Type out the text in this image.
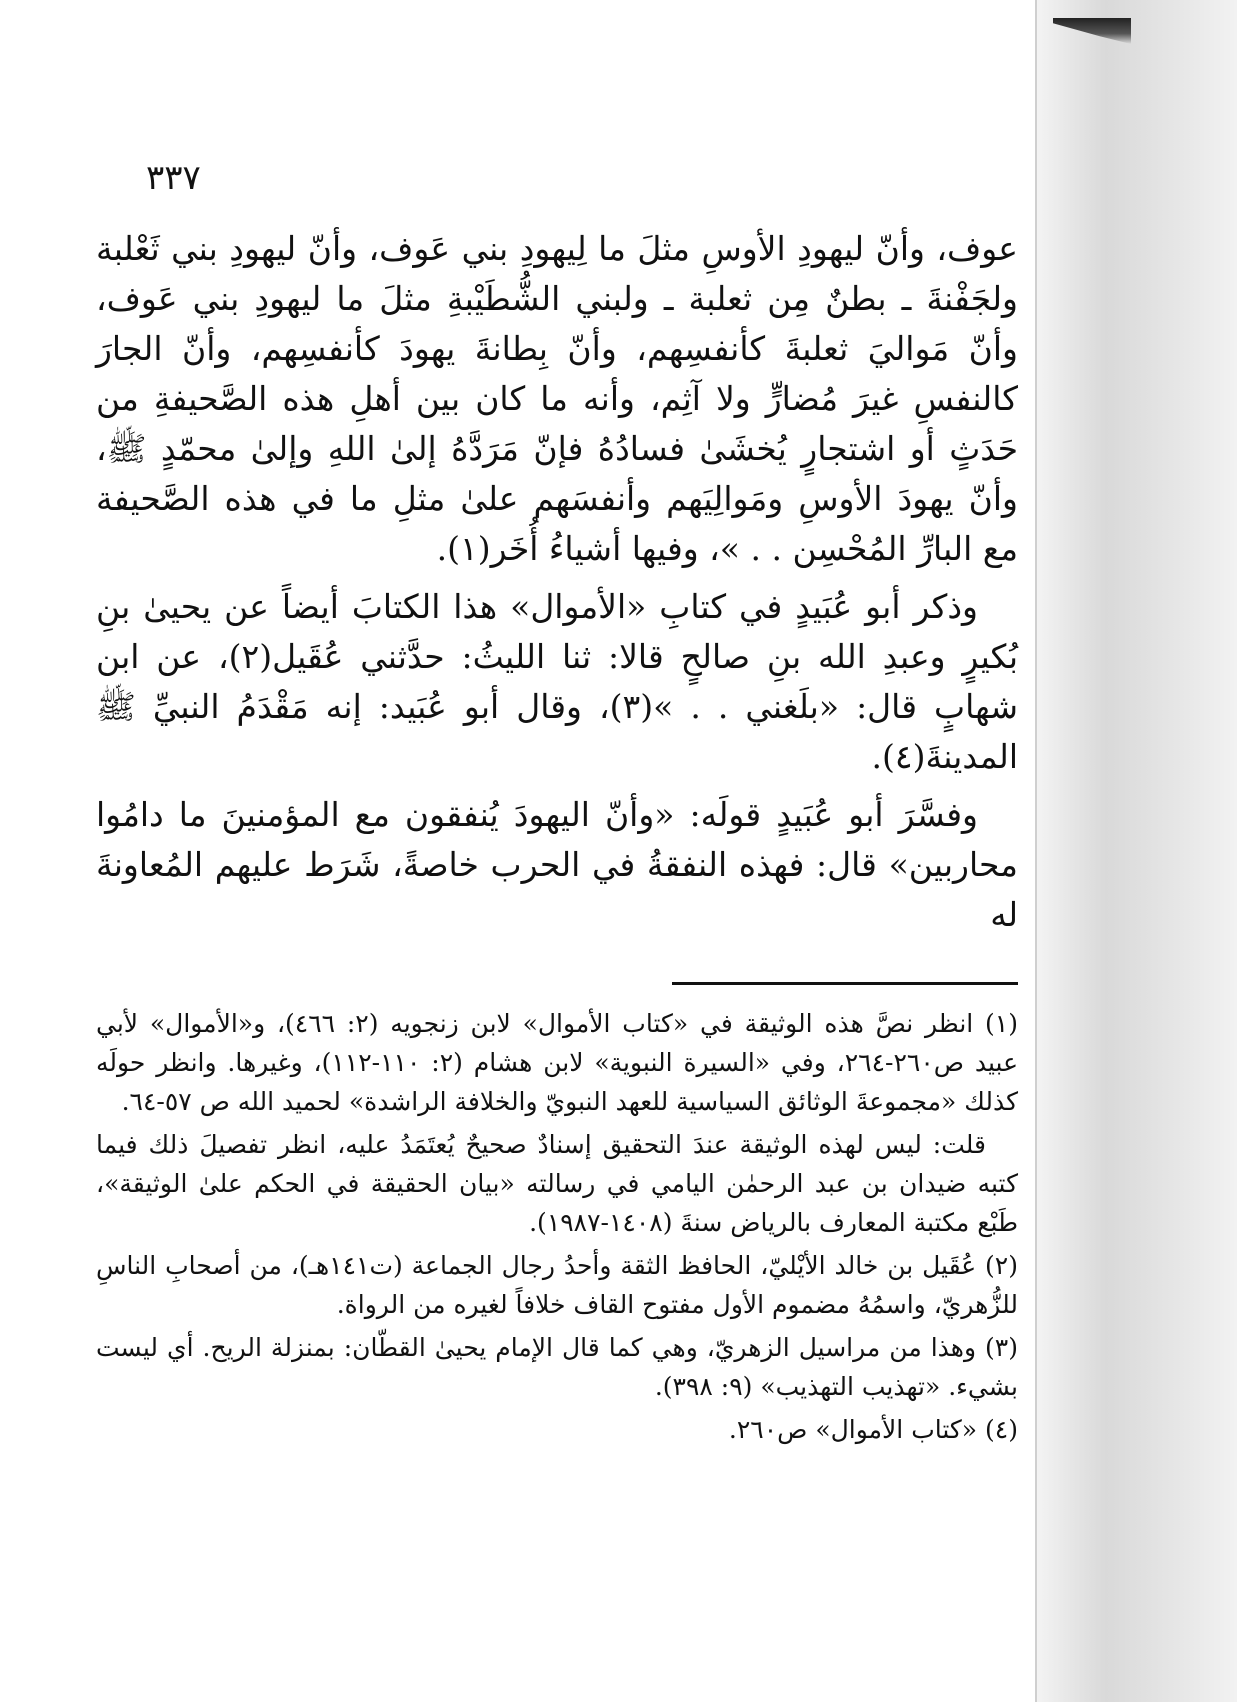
٣٣٧

عوف، وأنّ ليهودِ الأوسِ مثلَ ما لِيهودِ بني عَوف، وأنّ ليهودِ بني ثَعْلبة ولجَفْنةَ ـ بطنٌ مِن ثعلبة ـ ولبني الشُّطَيْبةِ مثلَ ما ليهودِ بني عَوف، وأنّ مَواليَ ثعلبةَ كأنفسِهم، وأنّ بِطانةَ يهودَ كأنفسِهم، وأنّ الجارَ كالنفسِ غيرَ مُضارٍّ ولا آثِم، وأنه ما كان بين أهلِ هذه الصَّحيفةِ من حَدَثٍ أو اشتجارٍ يُخشَىٰ فسادُهُ فإنّ مَرَدَّهُ إلىٰ اللهِ وإلىٰ محمّدٍ ﷺ، وأنّ يهودَ الأوسِ ومَوالِيَهم وأنفسَهم علىٰ مثلِ ما في هذه الصَّحيفة مع البارِّ المُحْسِن . . »، وفيها أشياءُ أُخَر(١).

وذكر أبو عُبَيدٍ في كتابِ «الأموال» هذا الكتابَ أيضاً عن يحيىٰ بنِ بُكيرٍ وعبدِ الله بنِ صالحٍ قالا: ثنا الليثُ: حدَّثني عُقَيل(٢)، عن ابن شهابٍ قال: «بلَغني . . »(٣)، وقال أبو عُبَيد: إنه مَقْدَمُ النبيِّ ﷺ المدينةَ(٤).

وفسَّرَ أبو عُبَيدٍ قولَه: «وأنّ اليهودَ يُنفقون مع المؤمنينَ ما دامُوا محاربين» قال: فهذه النفقةُ في الحرب خاصةً، شَرَط عليهم المُعاونةَ له

(١) انظر نصَّ هذه الوثيقة في «كتاب الأموال» لابن زنجويه (٢: ٤٦٦)، و«الأموال» لأبي عبيد ص٢٦٠-٢٦٤، وفي «السيرة النبوية» لابن هشام (٢: ١١٠-١١٢)، وغيرها. وانظر حولَه كذلك «مجموعةَ الوثائق السياسية للعهد النبويّ والخلافة الراشدة» لحميد الله ص ٥٧-٦٤.

قلت: ليس لهذه الوثيقة عندَ التحقيق إسنادٌ صحيحٌ يُعتَمَدُ عليه، انظر تفصيلَ ذلك فيما كتبه ضيدان بن عبد الرحمٰن اليامي في رسالته «بيان الحقيقة في الحكم علىٰ الوثيقة»، طَبْع مكتبة المعارف بالرياض سنةَ (١٤٠٨-١٩٨٧).

(٢) عُقَيل بن خالد الأيْليّ، الحافظ الثقة وأحدُ رجال الجماعة (ت١٤١هـ)، من أصحابِ الناسِ للزُّهريّ، واسمُهُ مضموم الأول مفتوح القاف خلافاً لغيره من الرواة.

(٣) وهذا من مراسيل الزهريّ، وهي كما قال الإمام يحيىٰ القطّان: بمنزلة الريح. أي ليست بشيء. «تهذيب التهذيب» (٩: ٣٩٨).

(٤) «كتاب الأموال» ص٢٦٠.
